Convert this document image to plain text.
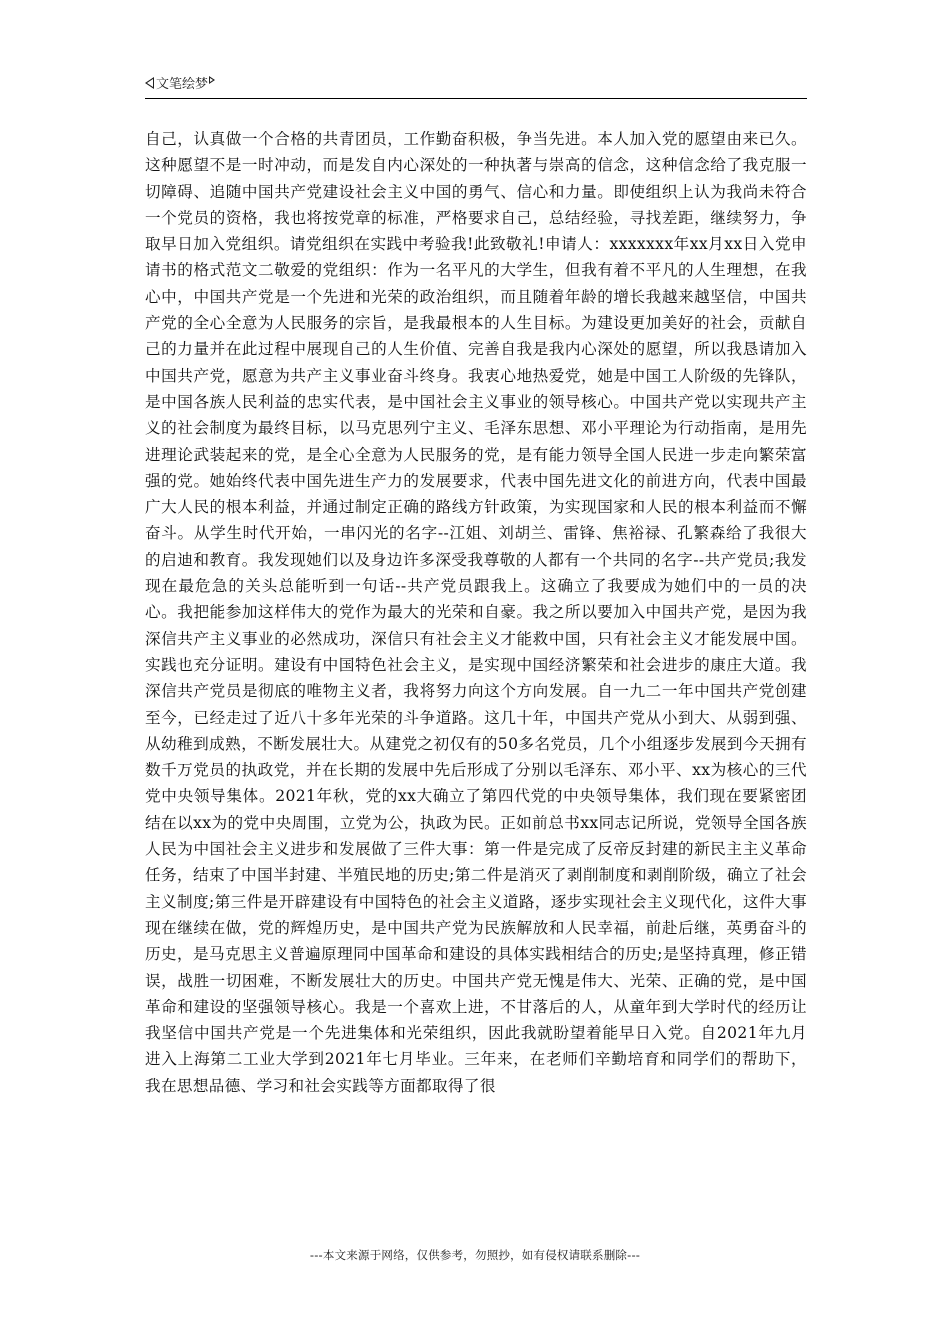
文笔绘梦

自己，认真做一个合格的共青团员，工作勤奋积极，争当先进。本人加入党的愿望由来已久。这种愿望不是一时冲动，而是发自内心深处的一种执著与崇高的信念，这种信念给了我克服一切障碍、追随中国共产党建设社会主义中国的勇气、信心和力量。即使组织上认为我尚未符合一个党员的资格，我也将按党章的标准，严格要求自己，总结经验，寻找差距，继续努力，争取早日加入党组织。请党组织在实践中考验我!此致敬礼!申请人：xxxxxxx年xx月xx日入党申请书的格式范文二敬爱的党组织：作为一名平凡的大学生，但我有着不平凡的人生理想，在我心中，中国共产党是一个先进和光荣的政治组织，而且随着年龄的增长我越来越坚信，中国共产党的全心全意为人民服务的宗旨，是我最根本的人生目标。为建设更加美好的社会，贡献自己的力量并在此过程中展现自己的人生价值、完善自我是我内心深处的愿望，所以我恳请加入中国共产党，愿意为共产主义事业奋斗终身。我衷心地热爱党，她是中国工人阶级的先锋队，是中国各族人民利益的忠实代表，是中国社会主义事业的领导核心。中国共产党以实现共产主义的社会制度为最终目标，以马克思列宁主义、毛泽东思想、邓小平理论为行动指南，是用先进理论武装起来的党，是全心全意为人民服务的党，是有能力领导全国人民进一步走向繁荣富强的党。她始终代表中国先进生产力的发展要求，代表中国先进文化的前进方向，代表中国最广大人民的根本利益，并通过制定正确的路线方针政策，为实现国家和人民的根本利益而不懈奋斗。从学生时代开始，一串闪光的名字--江姐、刘胡兰、雷锋、焦裕禄、孔繁森给了我很大的启迪和教育。我发现她们以及身边许多深受我尊敬的人都有一个共同的名字--共产党员;我发现在最危急的关头总能听到一句话--共产党员跟我上。这确立了我要成为她们中的一员的决心。我把能参加这样伟大的党作为最大的光荣和自豪。我之所以要加入中国共产党，是因为我深信共产主义事业的必然成功，深信只有社会主义才能救中国，只有社会主义才能发展中国。实践也充分证明。建设有中国特色社会主义，是实现中国经济繁荣和社会进步的康庄大道。我深信共产党员是彻底的唯物主义者，我将努力向这个方向发展。自一九二一年中国共产党创建至今，已经走过了近八十多年光荣的斗争道路。这几十年，中国共产党从小到大、从弱到强、从幼稚到成熟，不断发展壮大。从建党之初仅有的50多名党员，几个小组逐步发展到今天拥有数千万党员的执政党，并在长期的发展中先后形成了分别以毛泽东、邓小平、xx为核心的三代党中央领导集体。2021年秋，党的xx大确立了第四代党的中央领导集体，我们现在要紧密团结在以xx为的党中央周围，立党为公，执政为民。正如前总书xx同志记所说，党领导全国各族人民为中国社会主义进步和发展做了三件大事：第一件是完成了反帝反封建的新民主主义革命任务，结束了中国半封建、半殖民地的历史;第二件是消灭了剥削制度和剥削阶级，确立了社会主义制度;第三件是开辟建设有中国特色的社会主义道路，逐步实现社会主义现代化，这件大事现在继续在做，党的辉煌历史，是中国共产党为民族解放和人民幸福，前赴后继，英勇奋斗的历史，是马克思主义普遍原理同中国革命和建设的具体实践相结合的历史;是坚持真理，修正错误，战胜一切困难，不断发展壮大的历史。中国共产党无愧是伟大、光荣、正确的党，是中国革命和建设的坚强领导核心。我是一个喜欢上进，不甘落后的人，从童年到大学时代的经历让我坚信中国共产党是一个先进集体和光荣组织，因此我就盼望着能早日入党。自2021年九月进入上海第二工业大学到2021年七月毕业。三年来，在老师们辛勤培育和同学们的帮助下，我在思想品德、学习和社会实践等方面都取得了很

---本文来源于网络，仅供参考，勿照抄，如有侵权请联系删除---
